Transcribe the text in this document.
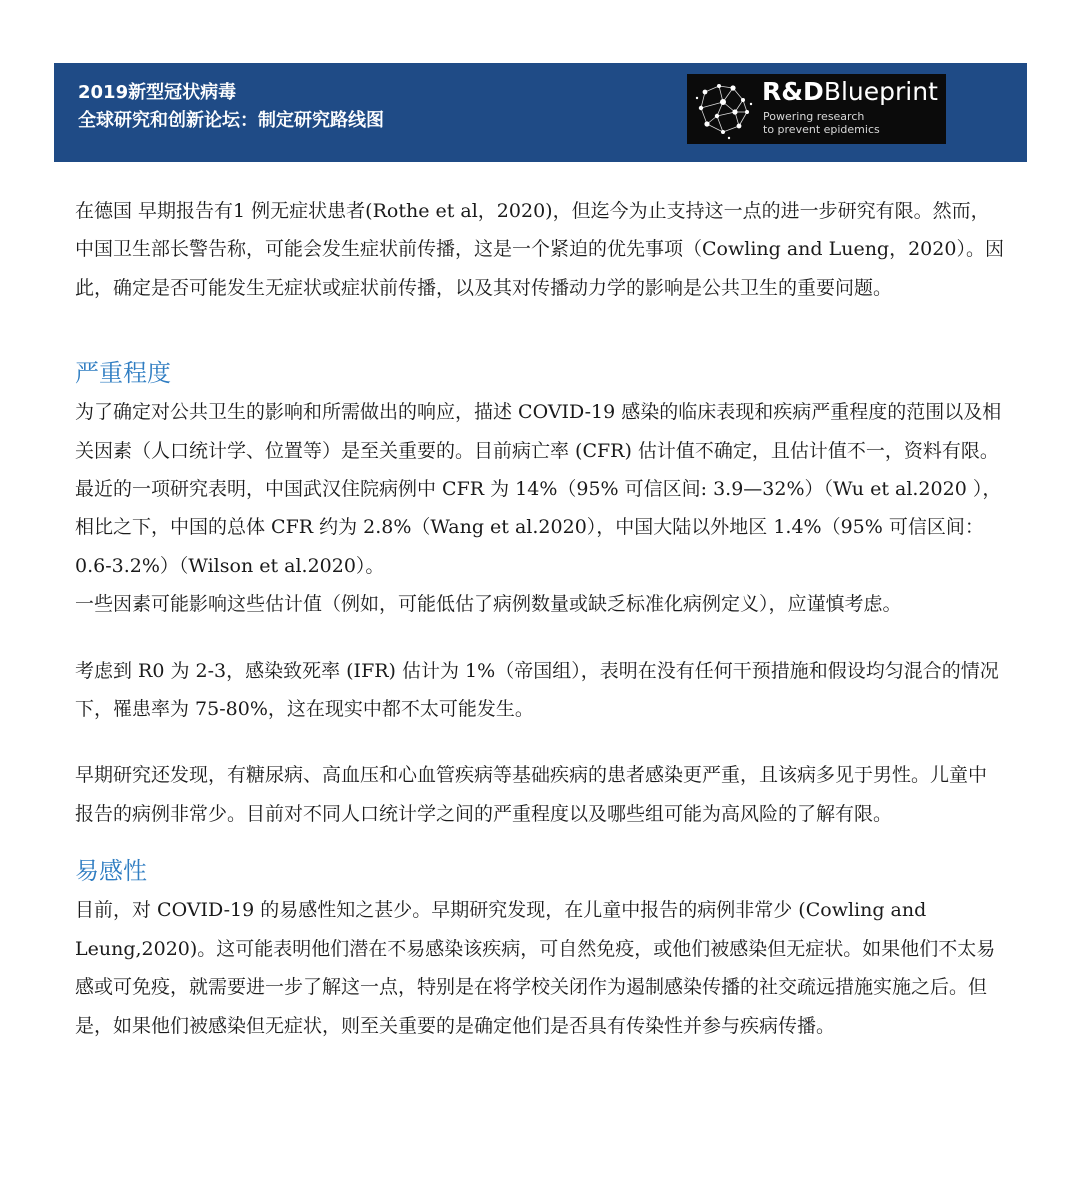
2019新型冠状病毒
全球研究和创新论坛：制定研究路线图
R&DBlueprint
Powering research
to prevent epidemics

在德国 早期报告有1 例无症状患者(Rothe et al，2020)，但迄今为止支持这一点的进一步研究有限。然而，中国卫生部长警告称，可能会发生症状前传播，这是一个紧迫的优先事项（Cowling and Lueng，2020）。因此，确定是否可能发生无症状或症状前传播，以及其对传播动力学的影响是公共卫生的重要问题。

严重程度

为了确定对公共卫生的影响和所需做出的响应，描述 COVID-19 感染的临床表现和疾病严重程度的范围以及相关因素（人口统计学、位置等）是至关重要的。目前病亡率 (CFR) 估计值不确定，且估计值不一，资料有限。最近的一项研究表明，中国武汉住院病例中 CFR 为 14%（95% 可信区间: 3.9—32%）（Wu et al.2020 ），相比之下，中国的总体 CFR 约为 2.8%（Wang et al.2020），中国大陆以外地区 1.4%（95% 可信区间：0.6-3.2%）（Wilson et al.2020）。

一些因素可能影响这些估计值（例如，可能低估了病例数量或缺乏标准化病例定义），应谨慎考虑。

考虑到 R0 为 2-3，感染致死率 (IFR) 估计为 1%（帝国组），表明在没有任何干预措施和假设均匀混合的情况下，罹患率为 75-80%，这在现实中都不太可能发生。

早期研究还发现，有糖尿病、高血压和心血管疾病等基础疾病的患者感染更严重，且该病多见于男性。儿童中报告的病例非常少。目前对不同人口统计学之间的严重程度以及哪些组可能为高风险的了解有限。

易感性

目前，对 COVID-19 的易感性知之甚少。早期研究发现，在儿童中报告的病例非常少 (Cowling and Leung,2020)。这可能表明他们潜在不易感染该疾病，可自然免疫，或他们被感染但无症状。如果他们不太易感或可免疫，就需要进一步了解这一点，特别是在将学校关闭作为遏制感染传播的社交疏远措施实施之后。但是，如果他们被感染但无症状，则至关重要的是确定他们是否具有传染性并参与疾病传播。
